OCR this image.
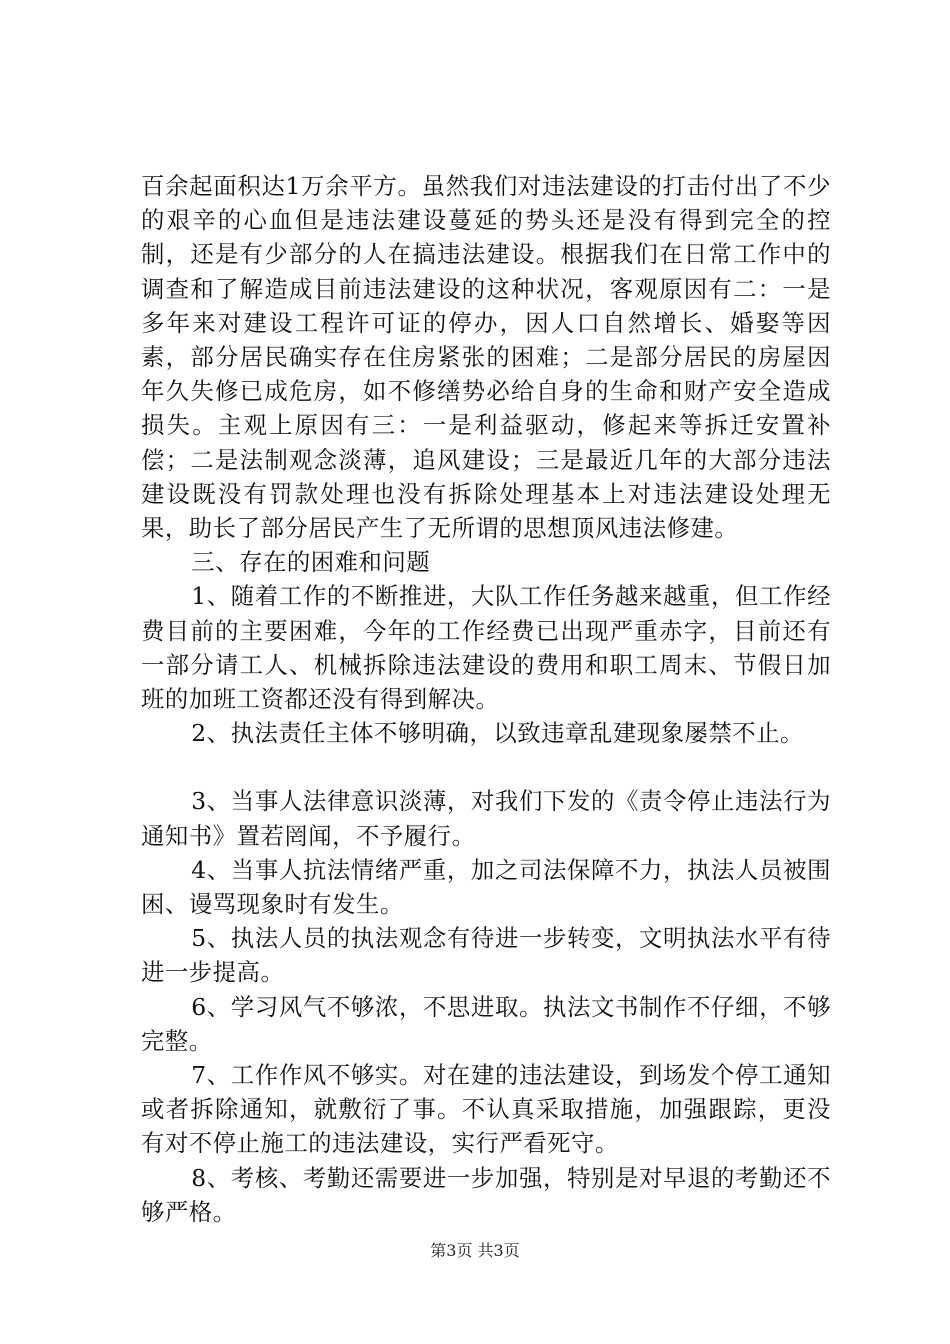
百余起面积达1万余平方。虽然我们对违法建设的打击付出了不少的艰辛的心血但是违法建设蔓延的势头还是没有得到完全的控制，还是有少部分的人在搞违法建设。根据我们在日常工作中的调查和了解造成目前违法建设的这种状况，客观原因有二：一是多年来对建设工程许可证的停办，因人口自然增长、婚娶等因素，部分居民确实存在住房紧张的困难；二是部分居民的房屋因年久失修已成危房，如不修缮势必给自身的生命和财产安全造成损失。主观上原因有三：一是利益驱动，修起来等拆迁安置补偿；二是法制观念淡薄，追风建设；三是最近几年的大部分违法建设既没有罚款处理也没有拆除处理基本上对违法建设处理无果，助长了部分居民产生了无所谓的思想顶风违法修建。

三、存在的困难和问题

1、随着工作的不断推进，大队工作任务越来越重，但工作经费目前的主要困难，今年的工作经费已出现严重赤字，目前还有一部分请工人、机械拆除违法建设的费用和职工周末、节假日加班的加班工资都还没有得到解决。

2、执法责任主体不够明确，以致违章乱建现象屡禁不止。

3、当事人法律意识淡薄，对我们下发的《责令停止违法行为通知书》置若罔闻，不予履行。

4、当事人抗法情绪严重，加之司法保障不力，执法人员被围困、谩骂现象时有发生。

5、执法人员的执法观念有待进一步转变，文明执法水平有待进一步提高。

6、学习风气不够浓，不思进取。执法文书制作不仔细，不够完整。

7、工作作风不够实。对在建的违法建设，到场发个停工通知或者拆除通知，就敷衍了事。不认真采取措施，加强跟踪，更没有对不停止施工的违法建设，实行严看死守。

8、考核、考勤还需要进一步加强，特别是对早退的考勤还不够严格。

第3页 共3页
